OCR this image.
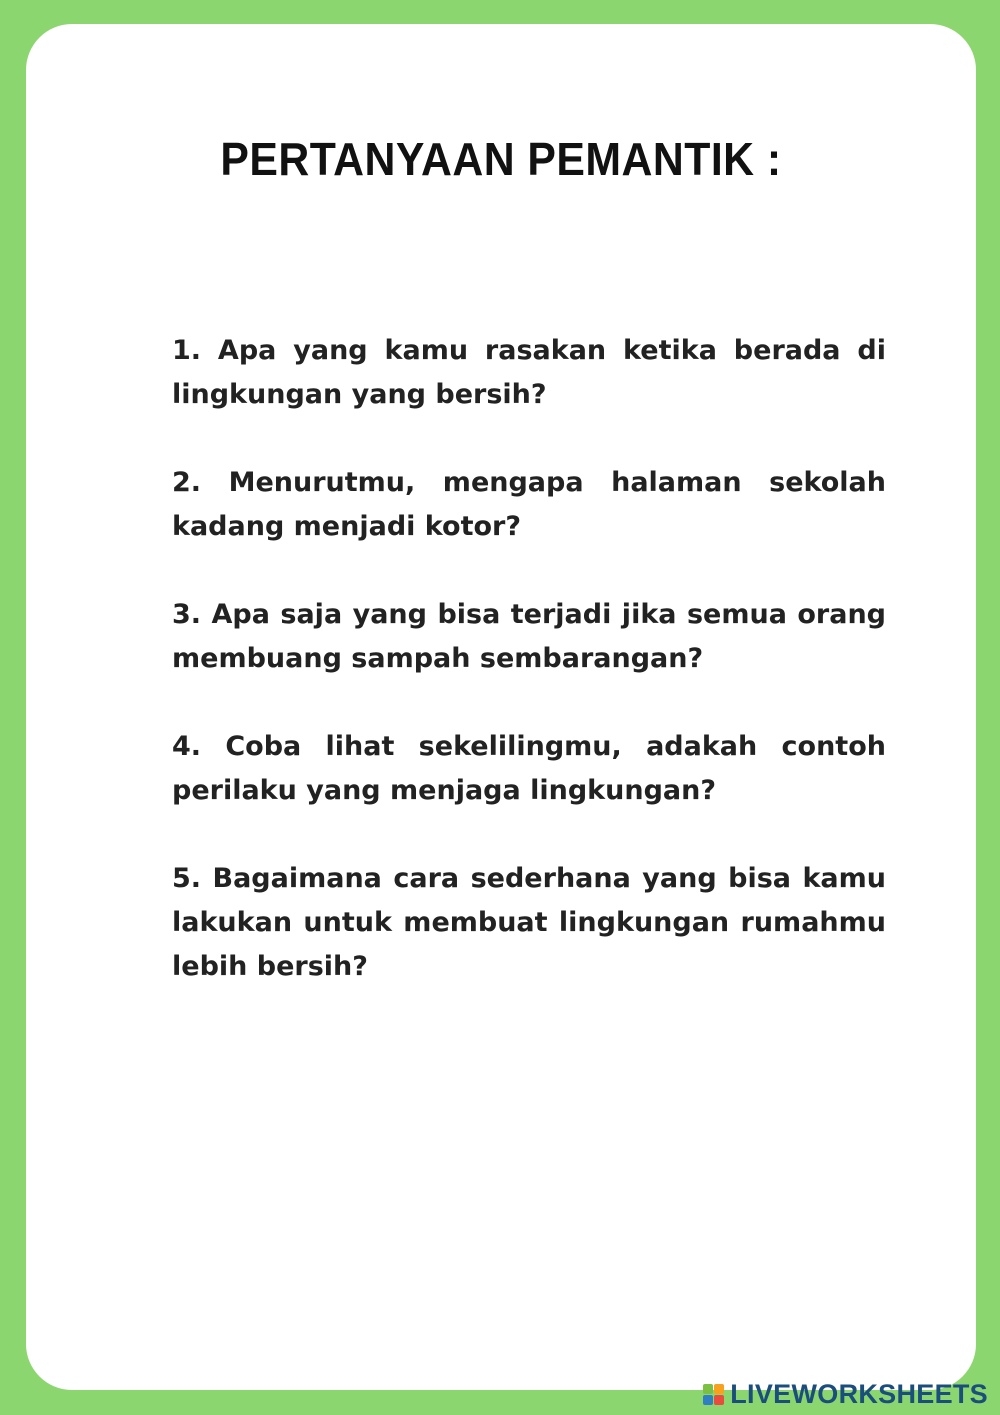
PERTANYAAN PEMANTIK :
1. Apa yang kamu rasakan ketika berada di lingkungan yang bersih?
2. Menurutmu, mengapa halaman sekolah kadang menjadi kotor?
3. Apa saja yang bisa terjadi jika semua orang membuang sampah sembarangan?
4. Coba lihat sekelilingmu, adakah contoh perilaku yang menjaga lingkungan?
5. Bagaimana cara sederhana yang bisa kamu lakukan untuk membuat lingkungan rumahmu lebih bersih?
LIVEWORKSHEETS
